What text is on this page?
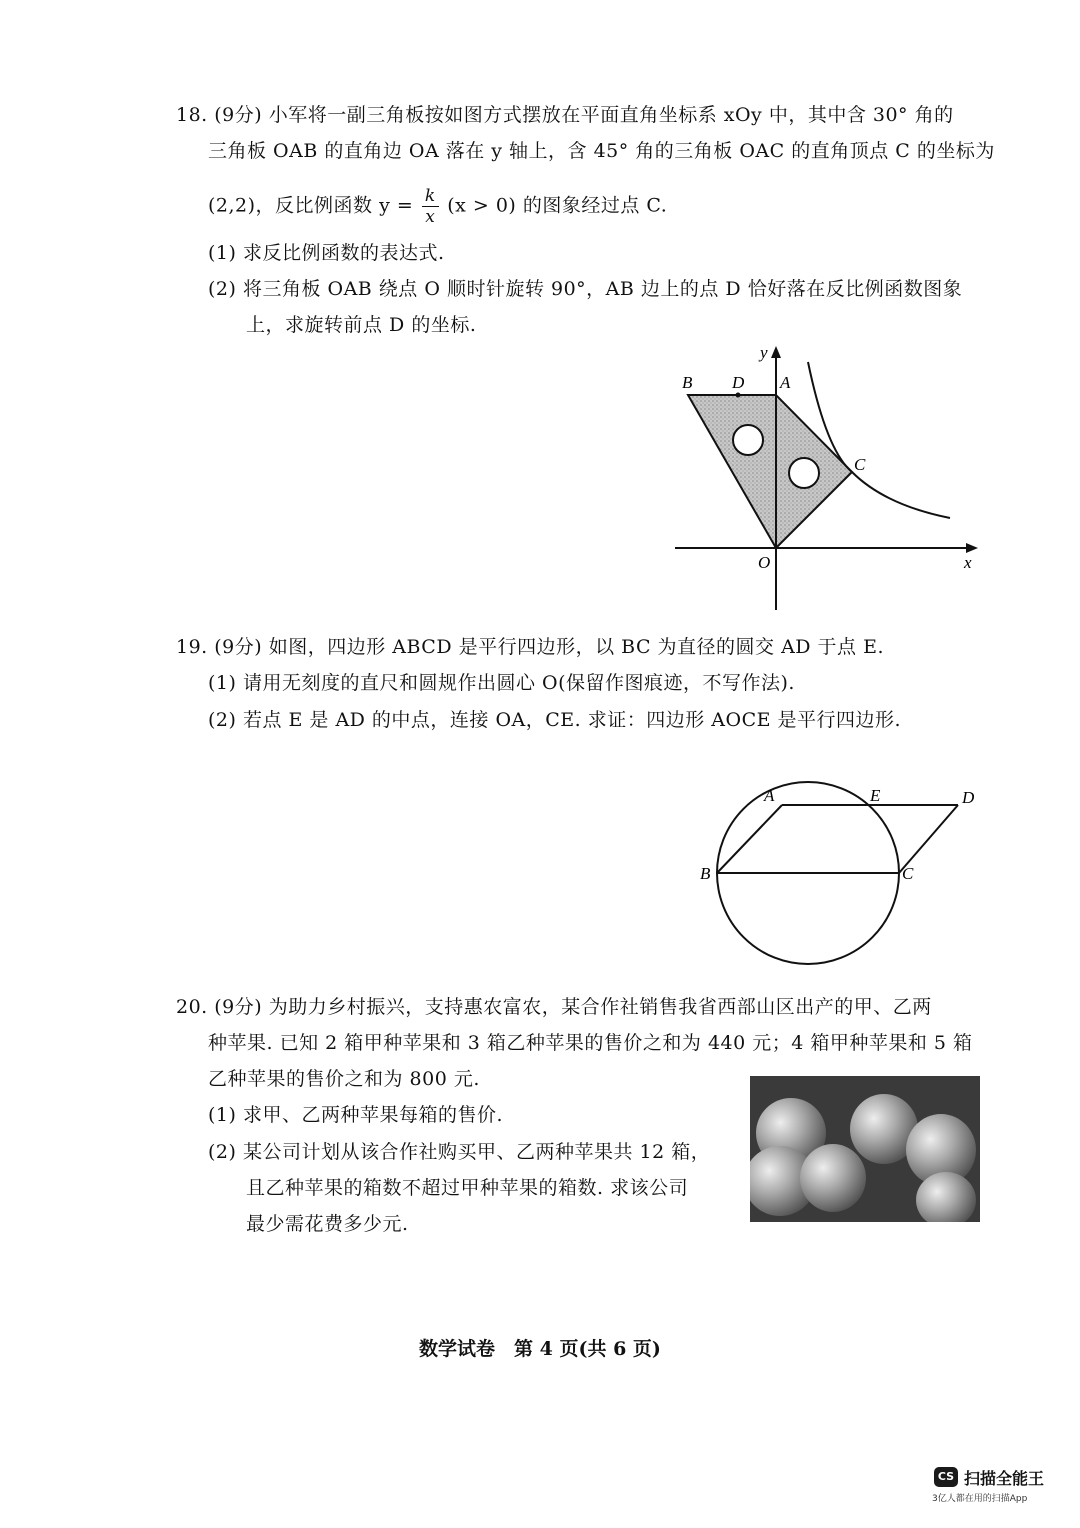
18. (9分) 小军将一副三角板按如图方式摆放在平面直角坐标系 xOy 中，其中含 30° 角的
三角板 OAB 的直角边 OA 落在 y 轴上，含 45° 角的三角板 OAC 的直角顶点 C 的坐标为
(2,2)，反比例函数 $y = \frac{k}{x} (x > 0)$ 的图象经过点 C.
(1) 求反比例函数的表达式.
(2) 将三角板 OAB 绕点 O 顺时针旋转 90°，AB 边上的点 D 恰好落在反比例函数图象
上，求旋转前点 D 的坐标.
y
B D A
C
O	x
19. (9分) 如图，四边形 ABCD 是平行四边形，以 BC 为直径的圆交 AD 于点 E.
(1) 请用无刻度的直尺和圆规作出圆心 O(保留作图痕迹，不写作法).
(2) 若点 E 是 AD 的中点，连接 OA，CE. 求证：四边形 AOCE 是平行四边形.
A	E	D
B	C
20. (9分) 为助力乡村振兴，支持惠农富农，某合作社销售我省西部山区出产的甲、乙两
种苹果. 已知 2 箱甲种苹果和 3 箱乙种苹果的售价之和为 440 元；4 箱甲种苹果和 5 箱
乙种苹果的售价之和为 800 元.
(1) 求甲、乙两种苹果每箱的售价.
(2) 某公司计划从该合作社购买甲、乙两种苹果共 12 箱，
且乙种苹果的箱数不超过甲种苹果的箱数. 求该公司
最少需花费多少元.
数学试卷　第 4 页(共 6 页)
CS 扫描全能王
3亿人都在用的扫描App
